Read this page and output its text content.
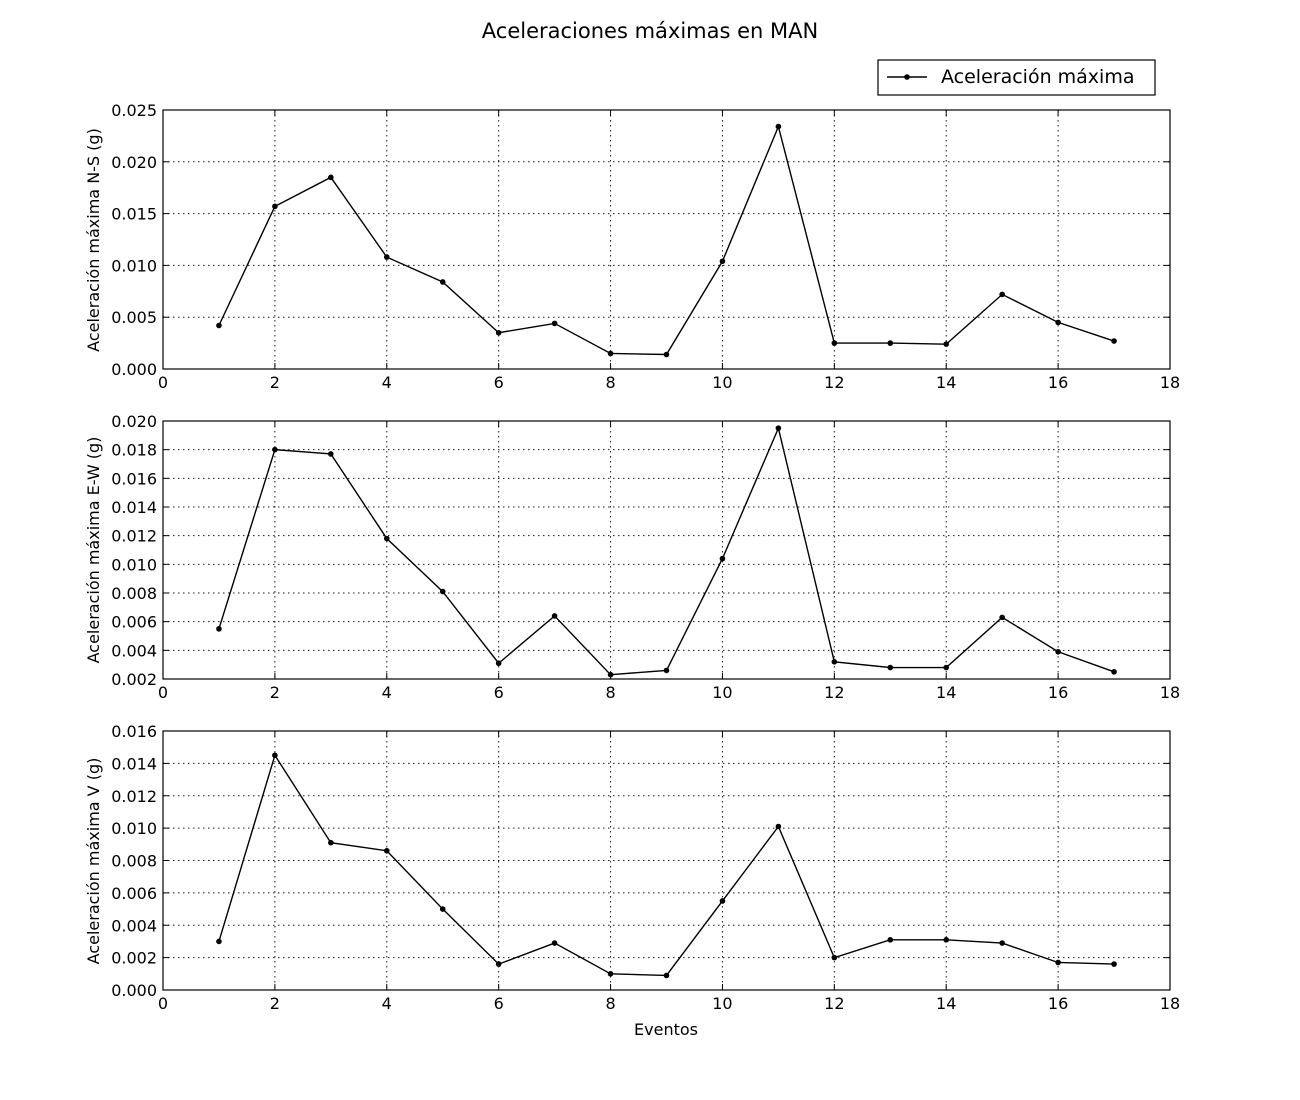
Aceleraciones máximas en MAN
Aceleración máxima
Eventos
0	2	4	6	8	10	12	14	16	18
0.000
0.005
0.010
0.015
0.020
0.025
Aceleración máxima N-S (g)
0	2	4	6	8	10	12	14	16	18
0.002
0.004
0.006
0.008
0.010
0.012
0.014
0.016
0.018
0.020
Aceleración máxima E-W (g)
0	2	4	6	8	10	12	14	16	18
0.000
0.002
0.004
0.006
0.008
0.010
0.012
0.014
0.016
Aceleración máxima V (g)
